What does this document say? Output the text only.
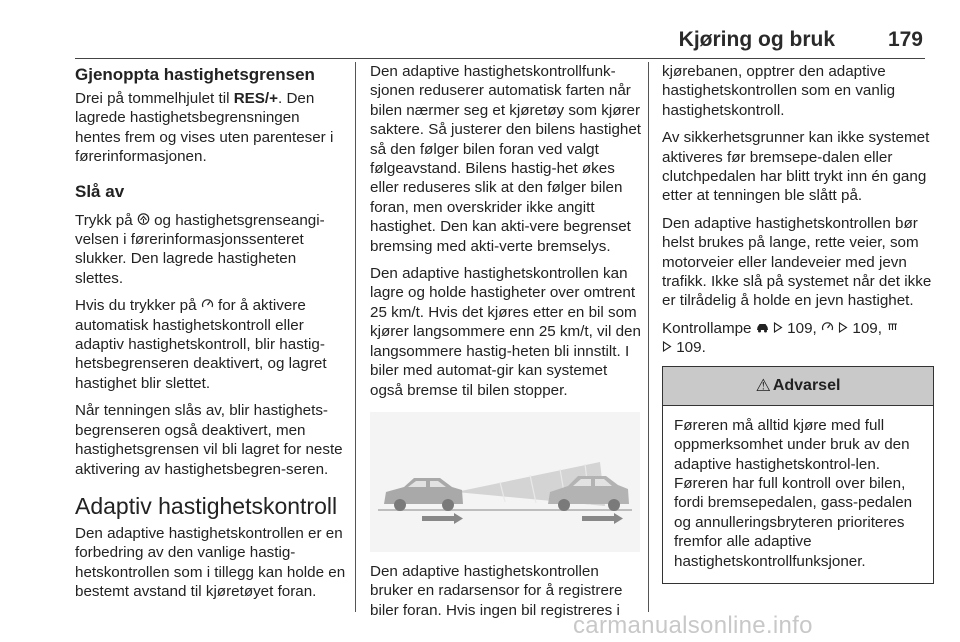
Kjøring og bruk	179
Gjenoppta hastighetsgrensen

Drei på tommelhjulet til RES/+. Den lagrede hastighetsbegrensningen hentes frem og vises uten parenteser i førerinformasjonen.

Slå av

Trykk på  og hastighetsgrenseangi-velsen i førerinformasjonssenteret slukker. Den lagrede hastigheten slettes.

Hvis du trykker på  for å aktivere automatisk hastighetskontroll eller adaptiv hastighetskontroll, blir hastig-hetsbegrenseren deaktivert, og lagret hastighet blir slettet.

Når tenningen slås av, blir hastighets-begrenseren også deaktivert, men hastighetsgrensen vil bli lagret for neste aktivering av hastighetsbegren-seren.

Adaptiv hastighetskontroll

Den adaptive hastighetskontrollen er en forbedring av den vanlige hastig-hetskontrollen som i tillegg kan holde en bestemt avstand til kjøretøyet foran.

Den adaptive hastighetskontrollfunk-sjonen reduserer automatisk farten når bilen nærmer seg et kjøretøy som kjører saktere. Så justerer den bilens hastighet så den følger bilen foran ved valgt følgeavstand. Bilens hastig-het økes eller reduseres slik at den følger bilen foran, men overskrider ikke angitt hastighet. Den kan akti-vere begrenset bremsing med akti-verte bremselys.

Den adaptive hastighetskontrollen kan lagre og holde hastigheter over omtrent 25 km/t. Hvis det kjøres etter en bil som kjører langsommere enn 25 km/t, vil den langsommere hastig-heten bli innstilt. I biler med automat-gir kan systemet også bremse til bilen stopper.

Den adaptive hastighetskontrollen bruker en radarsensor for å registrere biler foran. Hvis ingen bil registreres i

kjørebanen, opptrer den adaptive hastighetskontrollen som en vanlig hastighetskontroll.

Av sikkerhetsgrunner kan ikke systemet aktiveres før bremsepe-dalen eller clutchpedalen har blitt trykt inn én gang etter at tenningen ble slått på.

Den adaptive hastighetskontrollen bør helst brukes på lange, rette veier, som motorveier eller landeveier med jevn trafikk. Ikke slå på systemet når det ikke er tilrådelig å holde en jevn hastighet.

Kontrollampe   109,   109,
109.

⚠ Advarsel
Føreren må alltid kjøre med full oppmerksomhet under bruk av den adaptive hastighetskontrol-len. Føreren har full kontroll over bilen, fordi bremsepedalen, gass-pedalen og annulleringsbryteren prioriteres fremfor alle adaptive hastighetskontrollfunksjoner.
carmanualsonline.info
